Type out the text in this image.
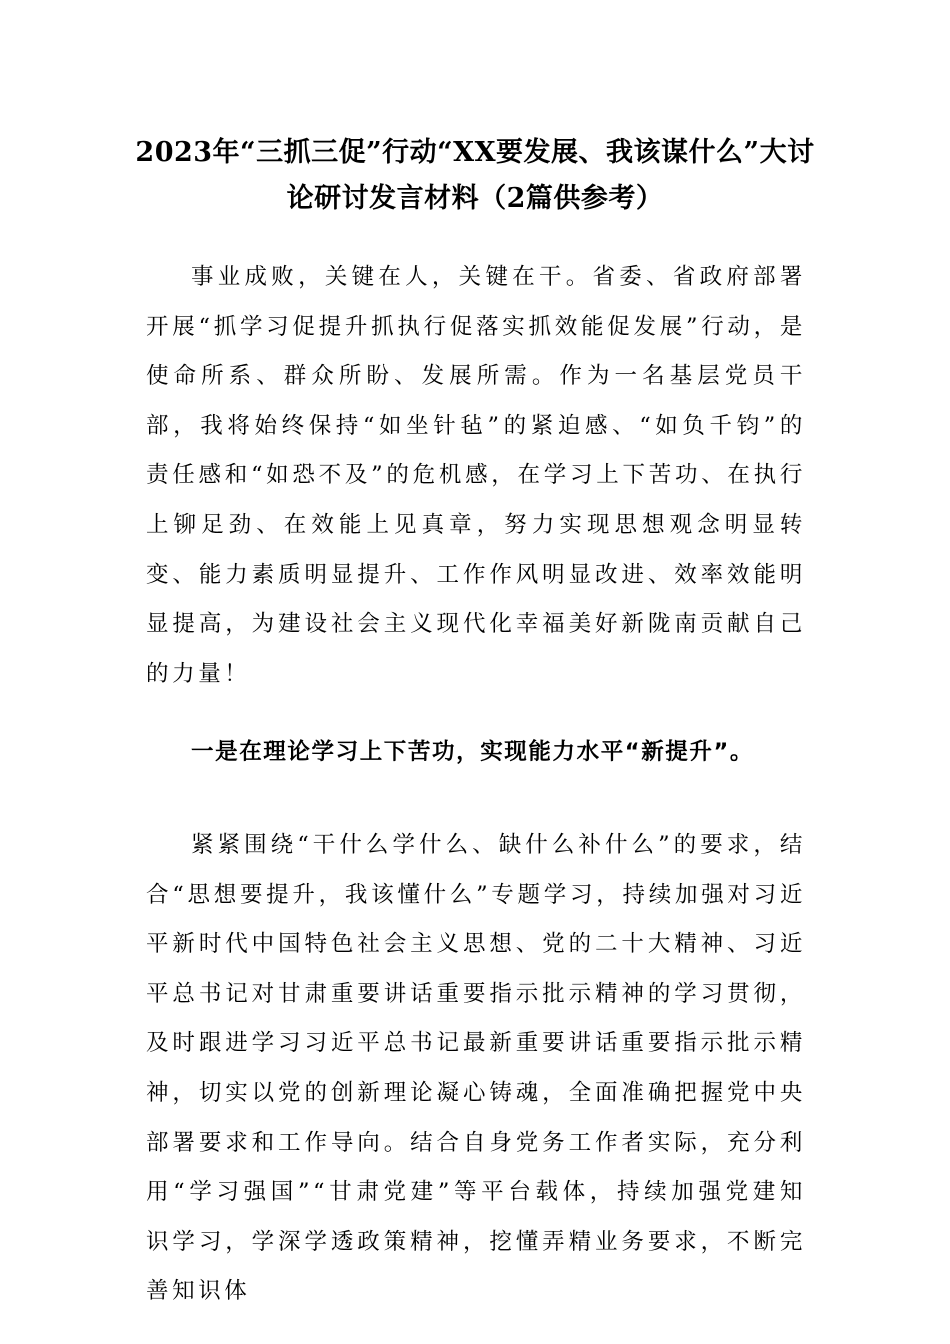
2023年“三抓三促”行动“XX要发展、我该谋什么”大讨论研讨发言材料（2篇供参考）

事业成败，关键在人，关键在干。省委、省政府部署开展“抓学习促提升抓执行促落实抓效能促发展”行动，是使命所系、群众所盼、发展所需。作为一名基层党员干部，我将始终保持“如坐针毡”的紧迫感、“如负千钧”的责任感和“如恐不及”的危机感，在学习上下苦功、在执行上铆足劲、在效能上见真章，努力实现思想观念明显转变、能力素质明显提升、工作作风明显改进、效率效能明显提高，为建设社会主义现代化幸福美好新陇南贡献自己的力量！

一是在理论学习上下苦功，实现能力水平“新提升”。

紧紧围绕“干什么学什么、缺什么补什么”的要求，结合“思想要提升，我该懂什么”专题学习，持续加强对习近平新时代中国特色社会主义思想、党的二十大精神、习近平总书记对甘肃重要讲话重要指示批示精神的学习贯彻，及时跟进学习习近平总书记最新重要讲话重要指示批示精神，切实以党的创新理论凝心铸魂，全面准确把握党中央部署要求和工作导向。结合自身党务工作者实际，充分利用“学习强国”“甘肃党建”等平台载体，持续加强党建知识学习，学深学透政策精神，挖懂弄精业务要求，不断完善知识体
